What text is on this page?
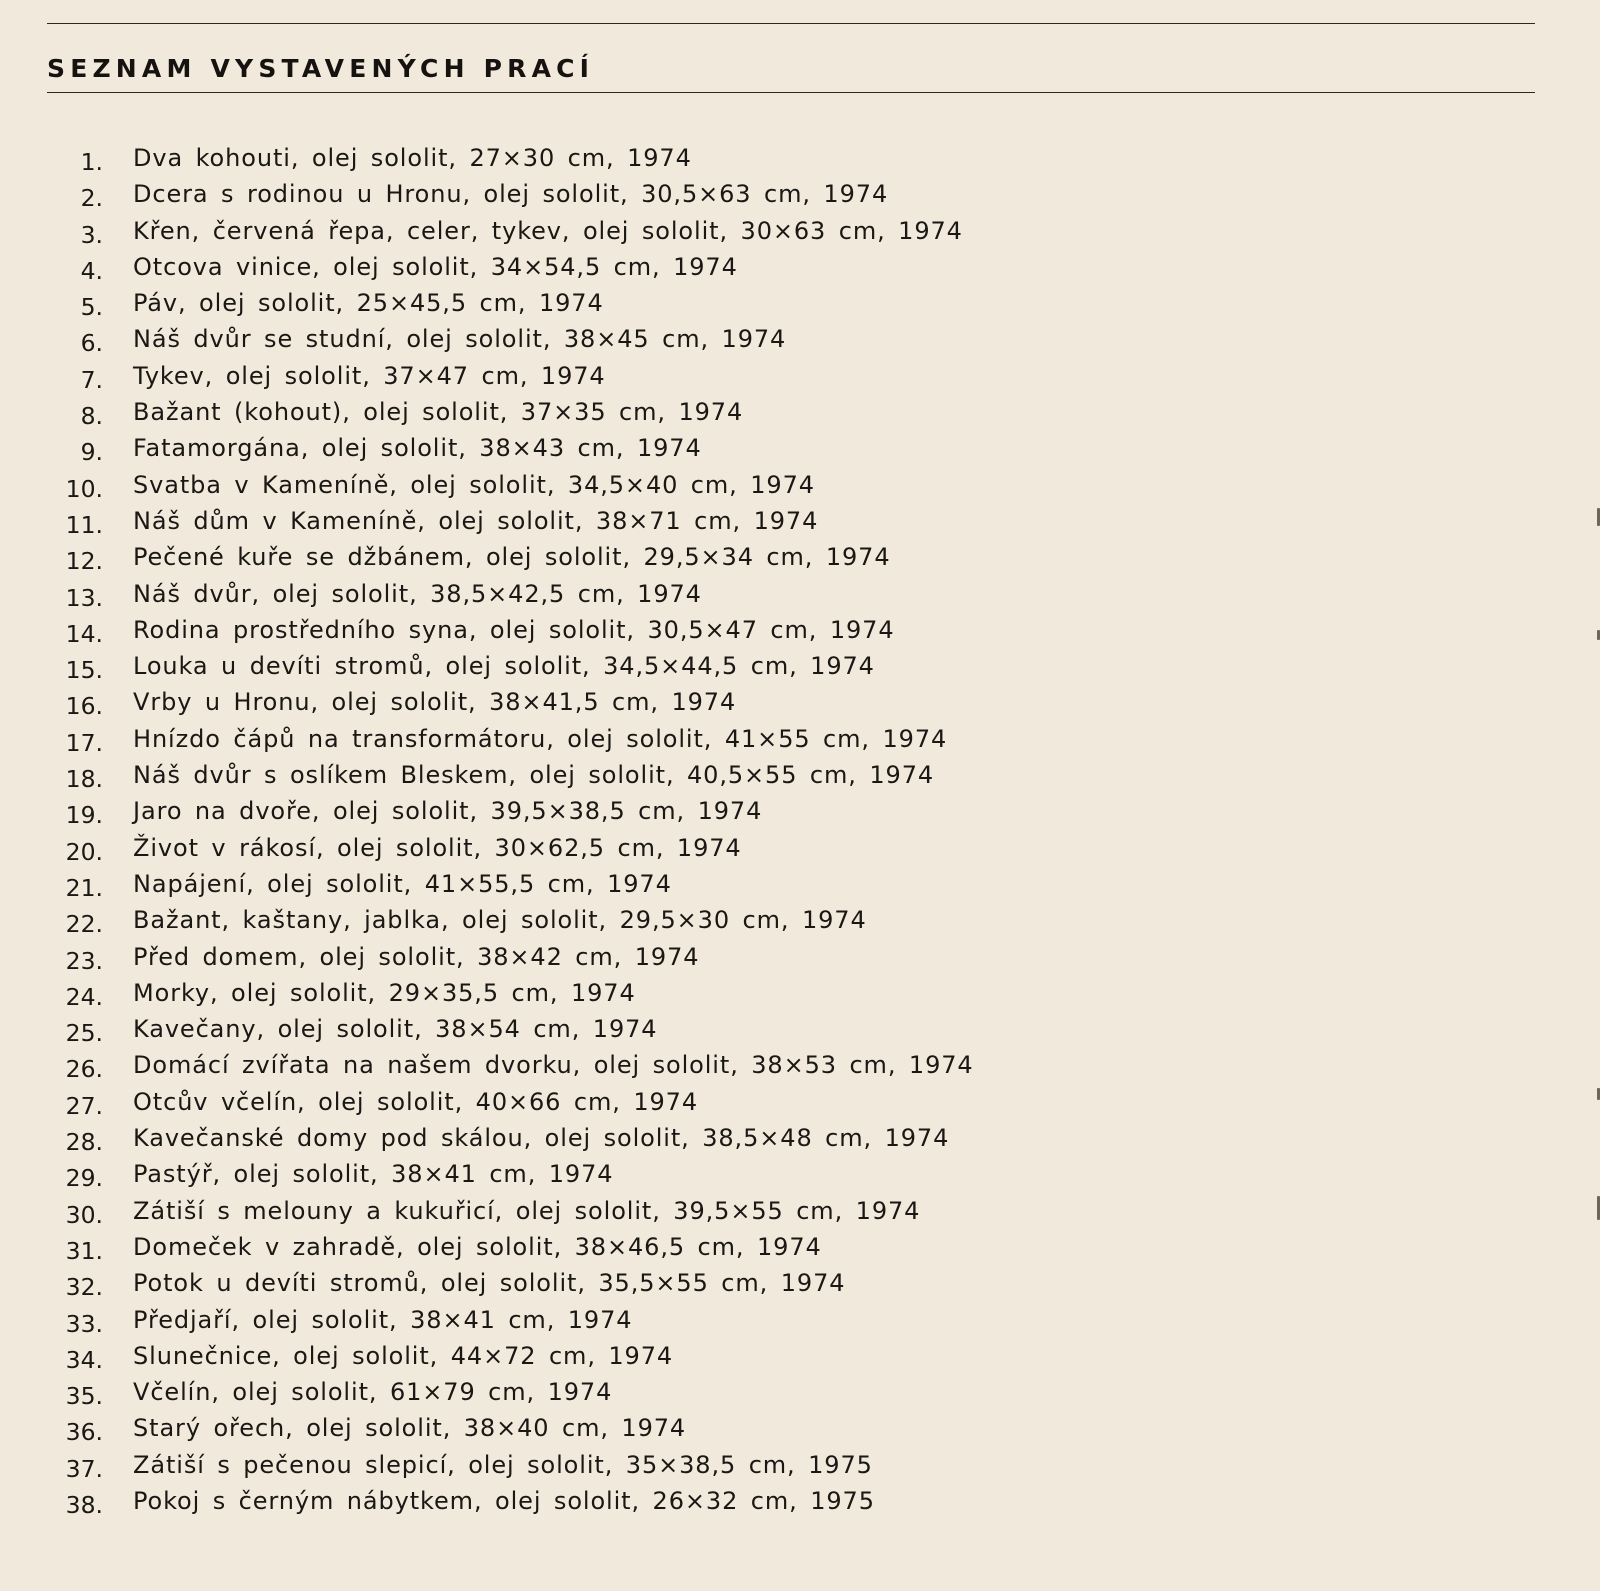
SEZNAM VYSTAVENÝCH PRACÍ
1. Dva kohouti, olej sololit, 27×30 cm, 1974
2. Dcera s rodinou u Hronu, olej sololit, 30,5×63 cm, 1974
3. Křen, červená řepa, celer, tykev, olej sololit, 30×63 cm, 1974
4. Otcova vinice, olej sololit, 34×54,5 cm, 1974
5. Páv, olej sololit, 25×45,5 cm, 1974
6. Náš dvůr se studní, olej sololit, 38×45 cm, 1974
7. Tykev, olej sololit, 37×47 cm, 1974
8. Bažant (kohout), olej sololit, 37×35 cm, 1974
9. Fatamorgána, olej sololit, 38×43 cm, 1974
10. Svatba v Kameníně, olej sololit, 34,5×40 cm, 1974
11. Náš dům v Kameníně, olej sololit, 38×71 cm, 1974
12. Pečené kuře se džbánem, olej sololit, 29,5×34 cm, 1974
13. Náš dvůr, olej sololit, 38,5×42,5 cm, 1974
14. Rodina prostředního syna, olej sololit, 30,5×47 cm, 1974
15. Louka u devíti stromů, olej sololit, 34,5×44,5 cm, 1974
16. Vrby u Hronu, olej sololit, 38×41,5 cm, 1974
17. Hnízdo čápů na transformátoru, olej sololit, 41×55 cm, 1974
18. Náš dvůr s oslíkem Bleskem, olej sololit, 40,5×55 cm, 1974
19. Jaro na dvoře, olej sololit, 39,5×38,5 cm, 1974
20. Život v rákosí, olej sololit, 30×62,5 cm, 1974
21. Napájení, olej sololit, 41×55,5 cm, 1974
22. Bažant, kaštany, jablka, olej sololit, 29,5×30 cm, 1974
23. Před domem, olej sololit, 38×42 cm, 1974
24. Morky, olej sololit, 29×35,5 cm, 1974
25. Kavečany, olej sololit, 38×54 cm, 1974
26. Domácí zvířata na našem dvorku, olej sololit, 38×53 cm, 1974
27. Otcův včelín, olej sololit, 40×66 cm, 1974
28. Kavečanské domy pod skálou, olej sololit, 38,5×48 cm, 1974
29. Pastýř, olej sololit, 38×41 cm, 1974
30. Zátiší s melouny a kukuřicí, olej sololit, 39,5×55 cm, 1974
31. Domeček v zahradě, olej sololit, 38×46,5 cm, 1974
32. Potok u devíti stromů, olej sololit, 35,5×55 cm, 1974
33. Předjaří, olej sololit, 38×41 cm, 1974
34. Slunečnice, olej sololit, 44×72 cm, 1974
35. Včelín, olej sololit, 61×79 cm, 1974
36. Starý ořech, olej sololit, 38×40 cm, 1974
37. Zátiší s pečenou slepicí, olej sololit, 35×38,5 cm, 1975
38. Pokoj s černým nábytkem, olej sololit, 26×32 cm, 1975
